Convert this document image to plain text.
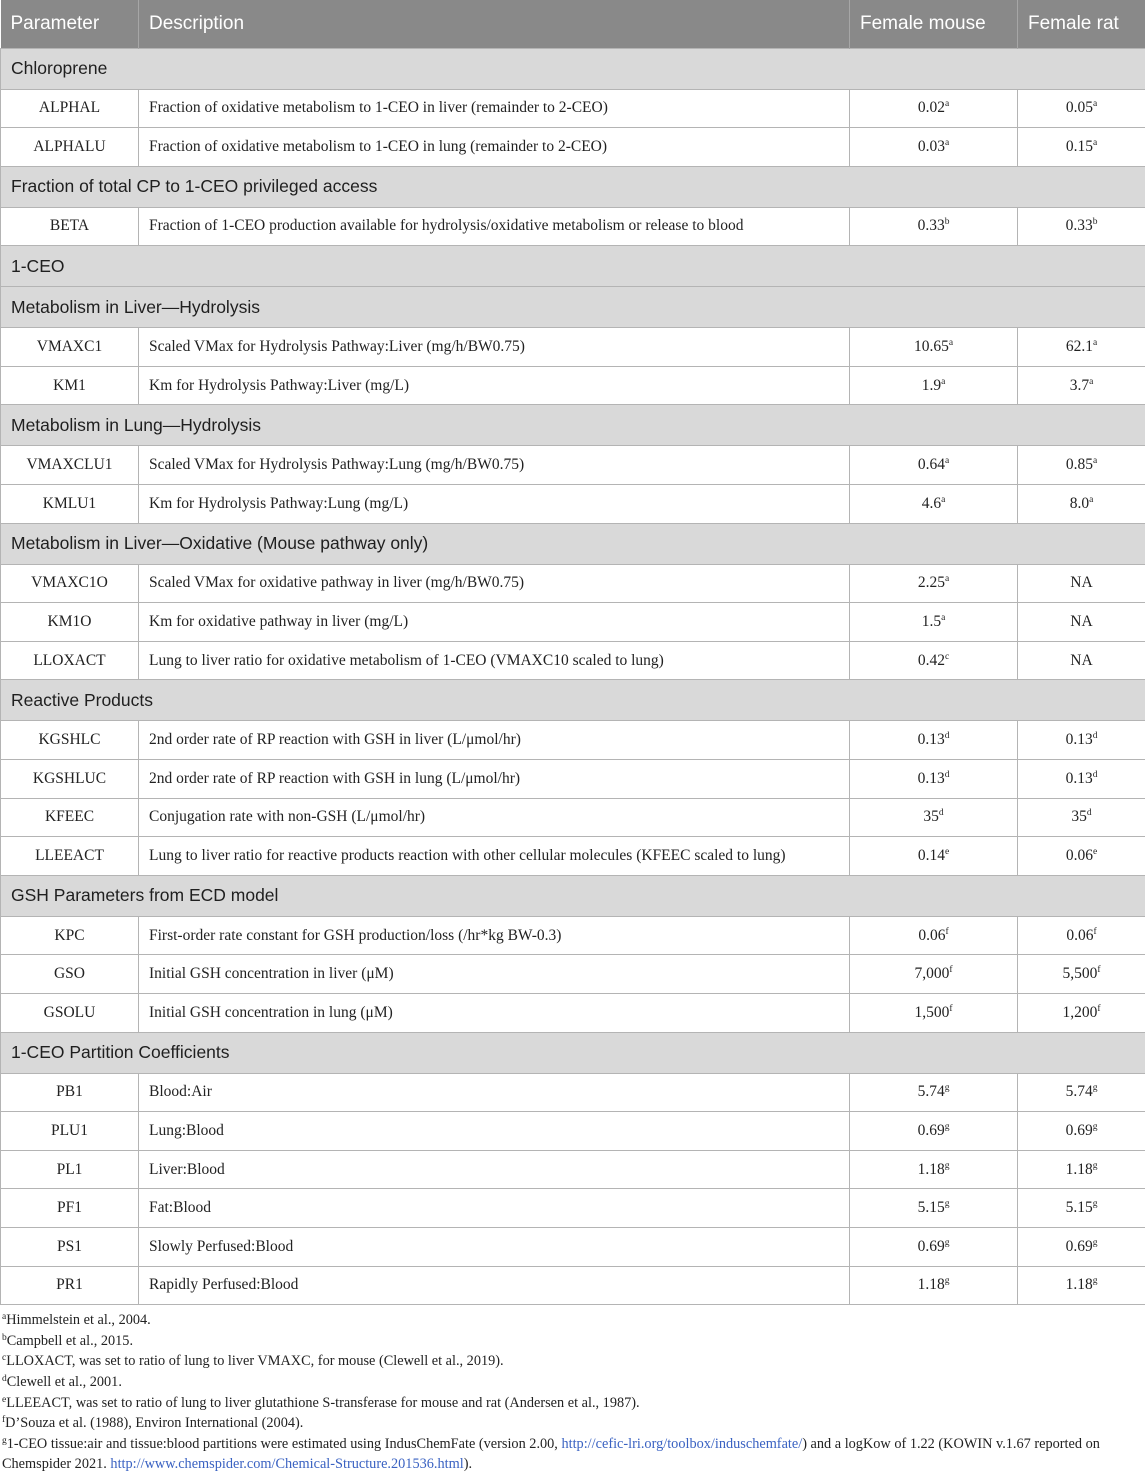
Parameter	Description	Female mouse	Female rat
Chloroprene			
ALPHAL	Fraction of oxidative metabolism to 1-CEO in liver (remainder to 2-CEO)	0.02$^a$	0.05$^a$
ALPHALU	Fraction of oxidative metabolism to 1-CEO in lung (remainder to 2-CEO)	0.03$^a$	0.15$^a$
Fraction of total CP to 1-CEO privileged access			
BETA	Fraction of 1-CEO production available for hydrolysis/oxidative metabolism or release to blood	0.33$^b$	0.33$^b$
1-CEO			
Metabolism in Liver—Hydrolysis			
VMAXC1	Scaled VMax for Hydrolysis Pathway:Liver (mg/h/BW0.75)	10.65$^a$	62.1$^a$
KM1	Km for Hydrolysis Pathway:Liver (mg/L)	1.9$^a$	3.7$^a$
Metabolism in Lung—Hydrolysis			
VMAXCLU1	Scaled VMax for Hydrolysis Pathway:Lung (mg/h/BW0.75)	0.64$^a$	0.85$^a$
KMLU1	Km for Hydrolysis Pathway:Lung (mg/L)	4.6$^a$	8.0$^a$
Metabolism in Liver—Oxidative (Mouse pathway only)			
VMAXC1O	Scaled VMax for oxidative pathway in liver (mg/h/BW0.75)	2.25$^a$	NA
KM1O	Km for oxidative pathway in liver (mg/L)	1.5$^a$	NA
LLOXACT	Lung to liver ratio for oxidative metabolism of 1-CEO (VMAXC10 scaled to lung)	0.42$^c$	NA
Reactive Products			
KGSHLC	2nd order rate of RP reaction with GSH in liver (L/μmol/hr)	0.13$^d$	0.13$^d$
KGSHLUC	2nd order rate of RP reaction with GSH in lung (L/μmol/hr)	0.13$^d$	0.13$^d$
KFEEC	Conjugation rate with non-GSH (L/μmol/hr)	35$^d$	35$^d$
LLEEACT	Lung to liver ratio for reactive products reaction with other cellular molecules (KFEEC scaled to lung)	0.14e	0.06e
GSH Parameters from ECD model			
KPC	First-order rate constant for GSH production/loss (/hr*kg BW-0.3)	0.06$^f$	0.06$^f$
GSO	Initial GSH concentration in liver (μM)	7,000$^f$	5,500$^f$
GSOLU	Initial GSH concentration in lung (μM)	1,500$^f$	1,200$^f$
1-CEO Partition Coefficients			
PB1	Blood:Air	5.74$^g$	5.74$^g$
PLU1	Lung:Blood	0.69$^g$	0.69$^g$
PL1	Liver:Blood	1.18$^g$	1.18$^g$
PF1	Fat:Blood	5.15$^g$	5.15$^g$
PS1	Slowly Perfused:Blood	0.69$^g$	0.69$^g$
PR1	Rapidly Perfused:Blood	1.18$^g$	1.18$^g$

$^a$Himmelstein et al., 2004.

$^b$Campbell et al., 2015.

$^c$LLOXACT, was set to ratio of lung to liver VMAXC, for mouse (Clewell et al., 2019).

$^d$Clewell et al., 2001.

$^e$LLEEACT, was set to ratio of lung to liver glutathione S-transferase for mouse and rat (Andersen et al., 1987).

$^f$D’Souza et al. (1988), Environ International (2004).

$^g$1-CEO tissue:air and tissue:blood partitions were estimated using IndusChemFate (version 2.00, http://cefic-lri.org/toolbox/induschemfate/) and a logKow of 1.22 (KOWIN v.1.67 reported on Chemspider 2021. http://www.chemspider.com/Chemical-Structure.201536.html).
